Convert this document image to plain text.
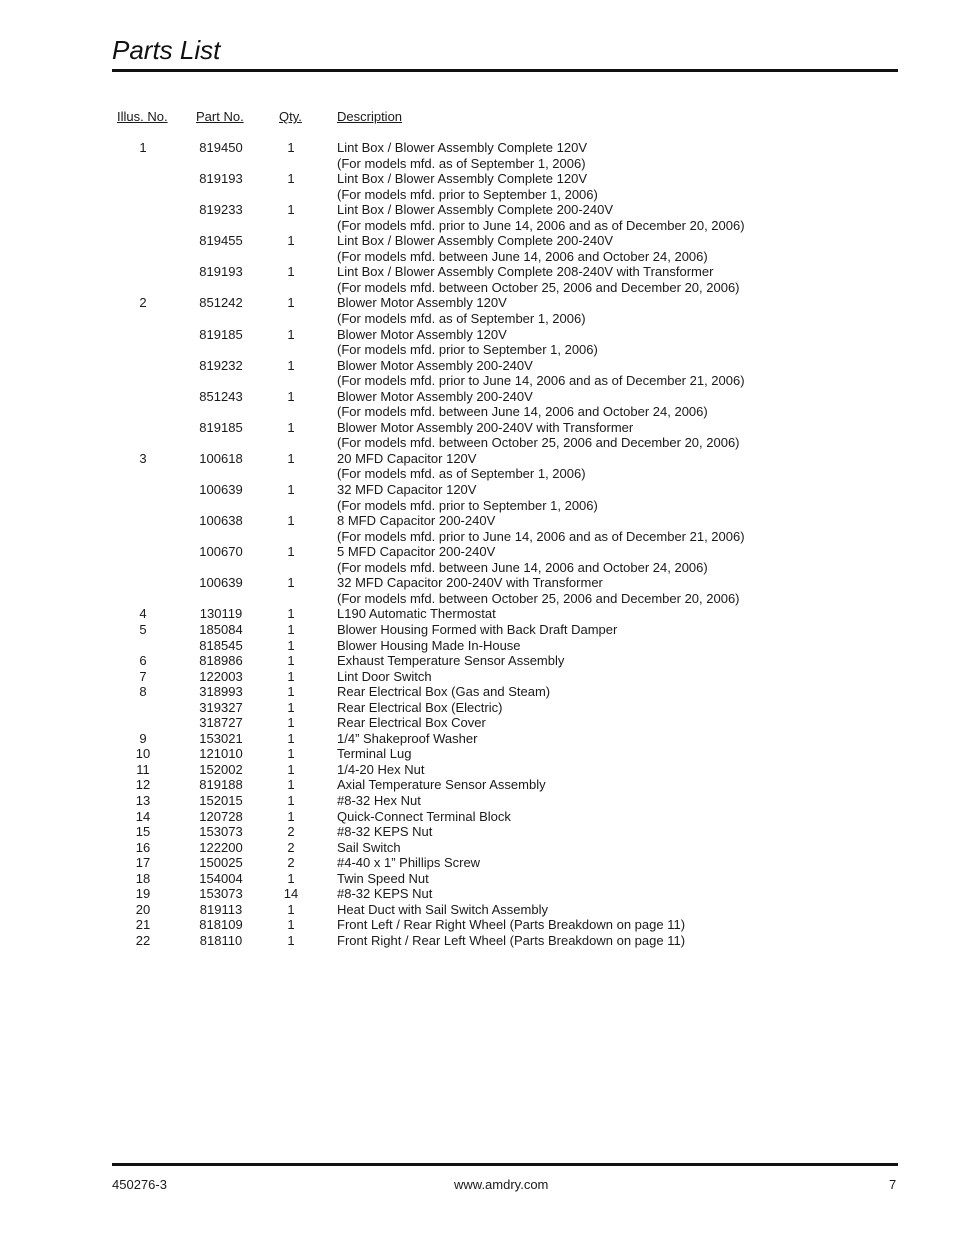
Parts List
Illus. No. Part No.	Qty.	Description
1	819450	1	Lint Box / Blower Assembly Complete 120V
(For models mfd. as of September 1, 2006)
819193	1	Lint Box / Blower Assembly Complete 120V
(For models mfd. prior to September 1, 2006)
819233	1	Lint Box / Blower Assembly Complete 200-240V
(For models mfd. prior to June 14, 2006 and as of December 20, 2006)
819455	1	Lint Box / Blower Assembly Complete 200-240V
(For models mfd. between June 14, 2006 and October 24, 2006)
819193	1	Lint Box / Blower Assembly Complete 208-240V with Transformer
(For models mfd. between October 25, 2006 and December 20, 2006)
2	851242	1	Blower Motor Assembly 120V
(For models mfd. as of September 1, 2006)
819185	1	Blower Motor Assembly 120V
(For models mfd. prior to September 1, 2006)
819232	1	Blower Motor Assembly 200-240V
(For models mfd. prior to June 14, 2006 and as of December 21, 2006)
851243	1	Blower Motor Assembly 200-240V
(For models mfd. between June 14, 2006 and October 24, 2006)
819185	1	Blower Motor Assembly 200-240V with Transformer
(For models mfd. between October 25, 2006 and December 20, 2006)
3	100618	1	20 MFD Capacitor 120V
(For models mfd. as of September 1, 2006)
100639	1	32 MFD Capacitor 120V
(For models mfd. prior to September 1, 2006)
100638	1	8 MFD Capacitor 200-240V
(For models mfd. prior to June 14, 2006 and as of December 21, 2006)
100670	1	5 MFD Capacitor 200-240V
(For models mfd. between June 14, 2006 and October 24, 2006)
100639	1	32 MFD Capacitor 200-240V with Transformer
(For models mfd. between October 25, 2006 and December 20, 2006)
4	130119	1	L190 Automatic Thermostat
5	185084	1	Blower Housing Formed with Back Draft Damper
818545	1	Blower Housing Made In-House
6	818986	1	Exhaust Temperature Sensor Assembly
7	122003	1	Lint Door Switch
8	318993	1	Rear Electrical Box (Gas and Steam)
319327	1	Rear Electrical Box (Electric)
318727	1	Rear Electrical Box Cover
9	153021	1	1/4” Shakeproof Washer
10	121010	1	Terminal Lug
11	152002	1	1/4-20 Hex Nut
12	819188	1	Axial Temperature Sensor Assembly
13	152015	1	#8-32 Hex Nut
14	120728	1	Quick-Connect Terminal Block
15	153073	2	#8-32 KEPS Nut
16	122200	2	Sail Switch
17	150025	2	#4-40 x 1” Phillips Screw
18	154004	1	Twin Speed Nut
19	153073	14	#8-32 KEPS Nut
20	819113	1	Heat Duct with Sail Switch Assembly
21	818109	1	Front Left / Rear Right Wheel (Parts Breakdown on page 11)
22	818110	1	Front Right / Rear Left Wheel (Parts Breakdown on page 11)
450276-3	www.amdry.com	7
